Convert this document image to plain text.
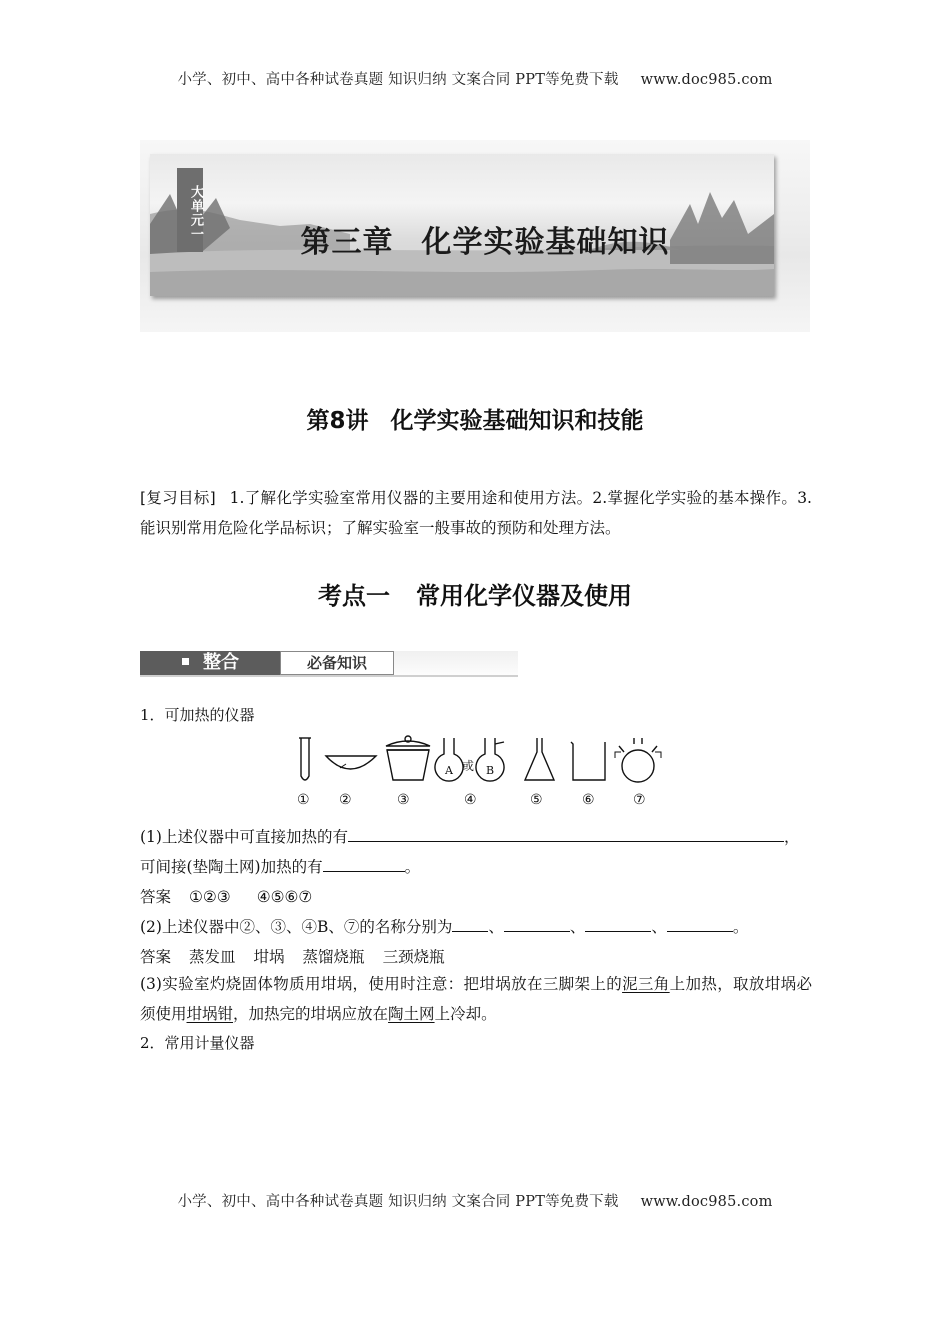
小学、初中、高中各种试卷真题 知识归纳 文案合同 PPT等免费下载 www.doc985.com
大单元一
第三章 化学实验基础知识
第8讲 化学实验基础知识和技能
[复习目标] 1.了解化学实验室常用仪器的主要用途和使用方法。2.掌握化学实验的基本操作。3.能识别常用危险化学品标识；了解实验室一般事故的预防和处理方法。
考点一 常用化学仪器及使用
整合	必备知识
1．可加热的仪器
A 或 B
① ②	③	④	⑤	⑥	⑦
(1)上述仪器中可直接加热的有	，
可间接(垫陶土网)加热的有	。
答案 ①②③ ④⑤⑥⑦
(2)上述仪器中②、③、④B、⑦的名称分别为 、	、	、	。
答案 蒸发皿 坩埚 蒸馏烧瓶 三颈烧瓶
(3)实验室灼烧固体物质用坩埚，使用时注意：把坩埚放在三脚架上的泥三角上加热，取放坩埚必须使用坩埚钳，加热完的坩埚应放在陶土网上冷却。
2．常用计量仪器
小学、初中、高中各种试卷真题 知识归纳 文案合同 PPT等免费下载 www.doc985.com
